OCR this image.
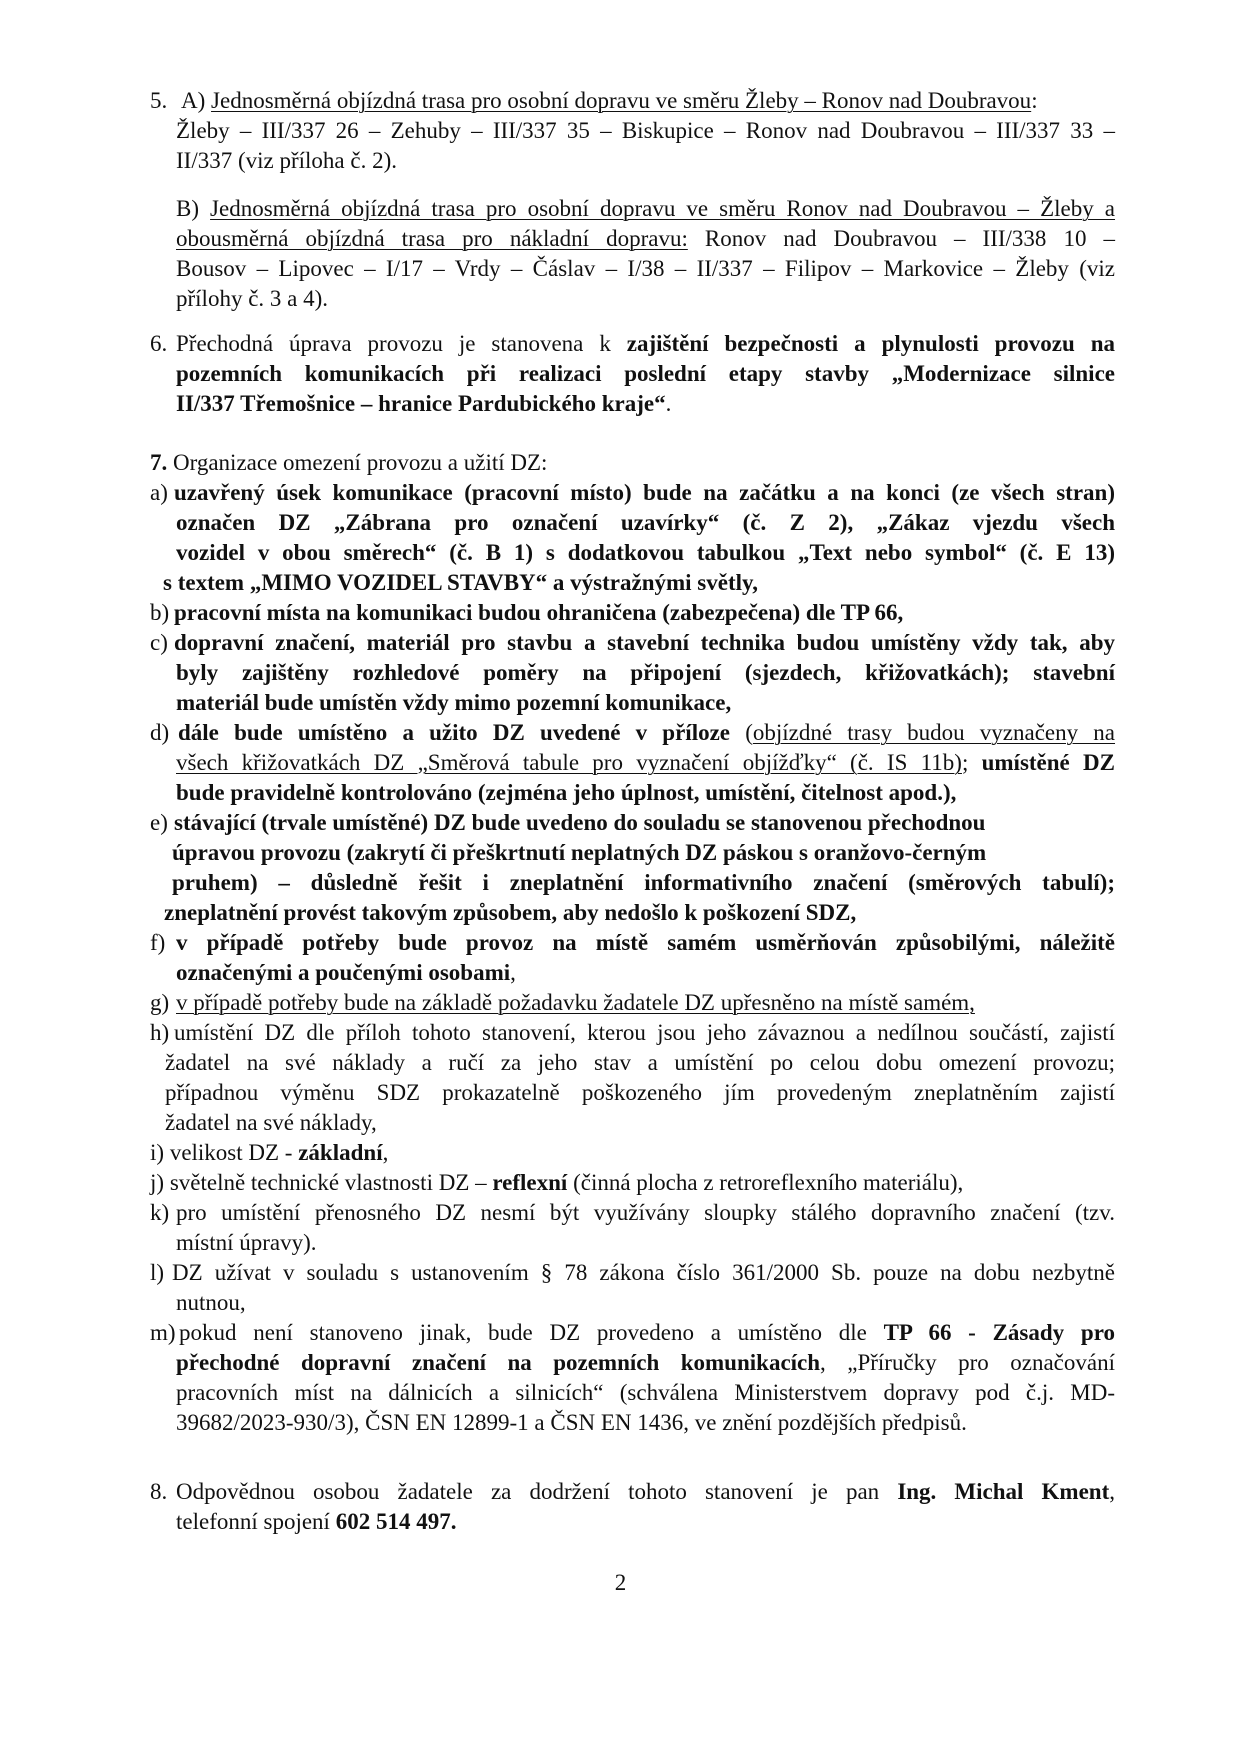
5. A) Jednosměrná objízdná trasa pro osobní dopravu ve směru Žleby – Ronov nad Doubravou:
Žleby – III/337 26 – Zehuby – III/337 35 – Biskupice – Ronov nad Doubravou – III/337 33 –
II/337 (viz příloha č. 2).
B) Jednosměrná objízdná trasa pro osobní dopravu ve směru Ronov nad Doubravou – Žleby a
obousměrná objízdná trasa pro nákladní dopravu: Ronov nad Doubravou – III/338 10 –
Bousov – Lipovec – I/17 – Vrdy – Čáslav – I/38 – II/337 – Filipov – Markovice – Žleby (viz
přílohy č. 3 a 4).
6. Přechodná úprava provozu je stanovena k zajištění bezpečnosti a plynulosti provozu na
pozemních komunikacích při realizaci poslední etapy stavby „Modernizace silnice
II/337 Třemošnice – hranice Pardubického kraje“.
7. Organizace omezení provozu a užití DZ:
a) uzavřený úsek komunikace (pracovní místo) bude na začátku a na konci (ze všech stran)
označen DZ „Zábrana pro označení uzavírky“ (č. Z 2), „Zákaz vjezdu všech
vozidel v obou směrech“ (č. B 1) s dodatkovou tabulkou „Text nebo symbol“ (č. E 13)
s textem „MIMO VOZIDEL STAVBY“ a výstražnými světly,
b) pracovní místa na komunikaci budou ohraničena (zabezpečena) dle TP 66,
c) dopravní značení, materiál pro stavbu a stavební technika budou umístěny vždy tak, aby
byly zajištěny rozhledové poměry na připojení (sjezdech, křižovatkách); stavební
materiál bude umístěn vždy mimo pozemní komunikace,
d) dále bude umístěno a užito DZ uvedené v příloze (objízdné trasy budou vyznačeny na
všech křižovatkách DZ „Směrová tabule pro vyznačení objížďky“ (č. IS 11b); umístěné DZ
bude pravidelně kontrolováno (zejména jeho úplnost, umístění, čitelnost apod.),
e) stávající (trvale umístěné) DZ bude uvedeno do souladu se stanovenou přechodnou
úpravou provozu (zakrytí či přeškrtnutí neplatných DZ páskou s oranžovo-černým
pruhem) – důsledně řešit i zneplatnění informativního značení (směrových tabulí);
zneplatnění provést takovým způsobem, aby nedošlo k poškození SDZ,
f) v případě potřeby bude provoz na místě samém usměrňován způsobilými, náležitě
označenými a poučenými osobami,
g) v případě potřeby bude na základě požadavku žadatele DZ upřesněno na místě samém,
h) umístění DZ dle příloh tohoto stanovení, kterou jsou jeho závaznou a nedílnou součástí, zajistí
žadatel na své náklady a ručí za jeho stav a umístění po celou dobu omezení provozu;
případnou výměnu SDZ prokazatelně poškozeného jím provedeným zneplatněním zajistí
žadatel na své náklady,
i) velikost DZ - základní,
j) světelně technické vlastnosti DZ – reflexní (činná plocha z retroreflexního materiálu),
k) pro umístění přenosného DZ nesmí být využívány sloupky stálého dopravního značení (tzv.
místní úpravy).
l) DZ užívat v souladu s ustanovením § 78 zákona číslo 361/2000 Sb. pouze na dobu nezbytně
nutnou,
m) pokud není stanoveno jinak, bude DZ provedeno a umístěno dle TP 66 - Zásady pro
přechodné dopravní značení na pozemních komunikacích, „Příručky pro označování
pracovních míst na dálnicích a silnicích“ (schválena Ministerstvem dopravy pod č.j. MD-
39682/2023-930/3), ČSN EN 12899-1 a ČSN EN 1436, ve znění pozdějších předpisů.
8. Odpovědnou osobou žadatele za dodržení tohoto stanovení je pan Ing. Michal Kment,
telefonní spojení 602 514 497.
2
